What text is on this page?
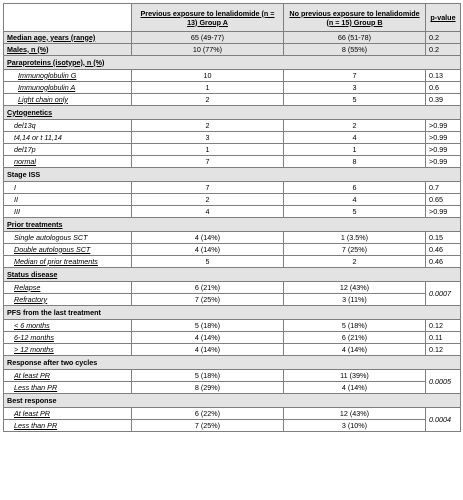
	Previous exposure to lenalidomide (n = 13) Group A	No previous exposure to lenalidomide (n = 15) Group B	p-value
Median age, years (range)	65 (49-77)	66 (51-78)	0.2
Males, n (%)	10 (77%)	8 (55%)	0.2
Paraproteins (isotype), n (%)			
Immunoglobulin G	10	7	0.13
Immunoglobulin A	1	3	0.6
Light chain only	2	5	0.39
Cytogenetics			
del13q	2	2	>0.99
t4,14 or t 11,14	3	4	>0.99
del17p	1	1	>0.99
normal	7	8	>0.99
Stage ISS			
I	7	6	0.7
II	2	4	0.65
III	4	5	>0.99
Prior treatments			
Single autologous SCT	4 (14%)	1 (3.5%)	0.15
Double autologous SCT	4 (14%)	7 (25%)	0.46
Median of prior treatments	5	2	0.46
Status disease			
Relapse	6 (21%)	12 (43%)	0.0007
Refractory	7 (25%)	3 (11%)	
PFS from the last treatment			
< 6 months	5 (18%)	5 (18%)	0.12
6-12 months	4 (14%)	6 (21%)	0.11
> 12 months	4 (14%)	4 (14%)	0.12
Response after two cycles			
At least PR	5 (18%)	11 (39%)	0.0005
Less than PR	8 (29%)	4 (14%)	
Best response			
At least PR	6 (22%)	12 (43%)	0.0004
Less than PR	7 (25%)	3 (10%)	
